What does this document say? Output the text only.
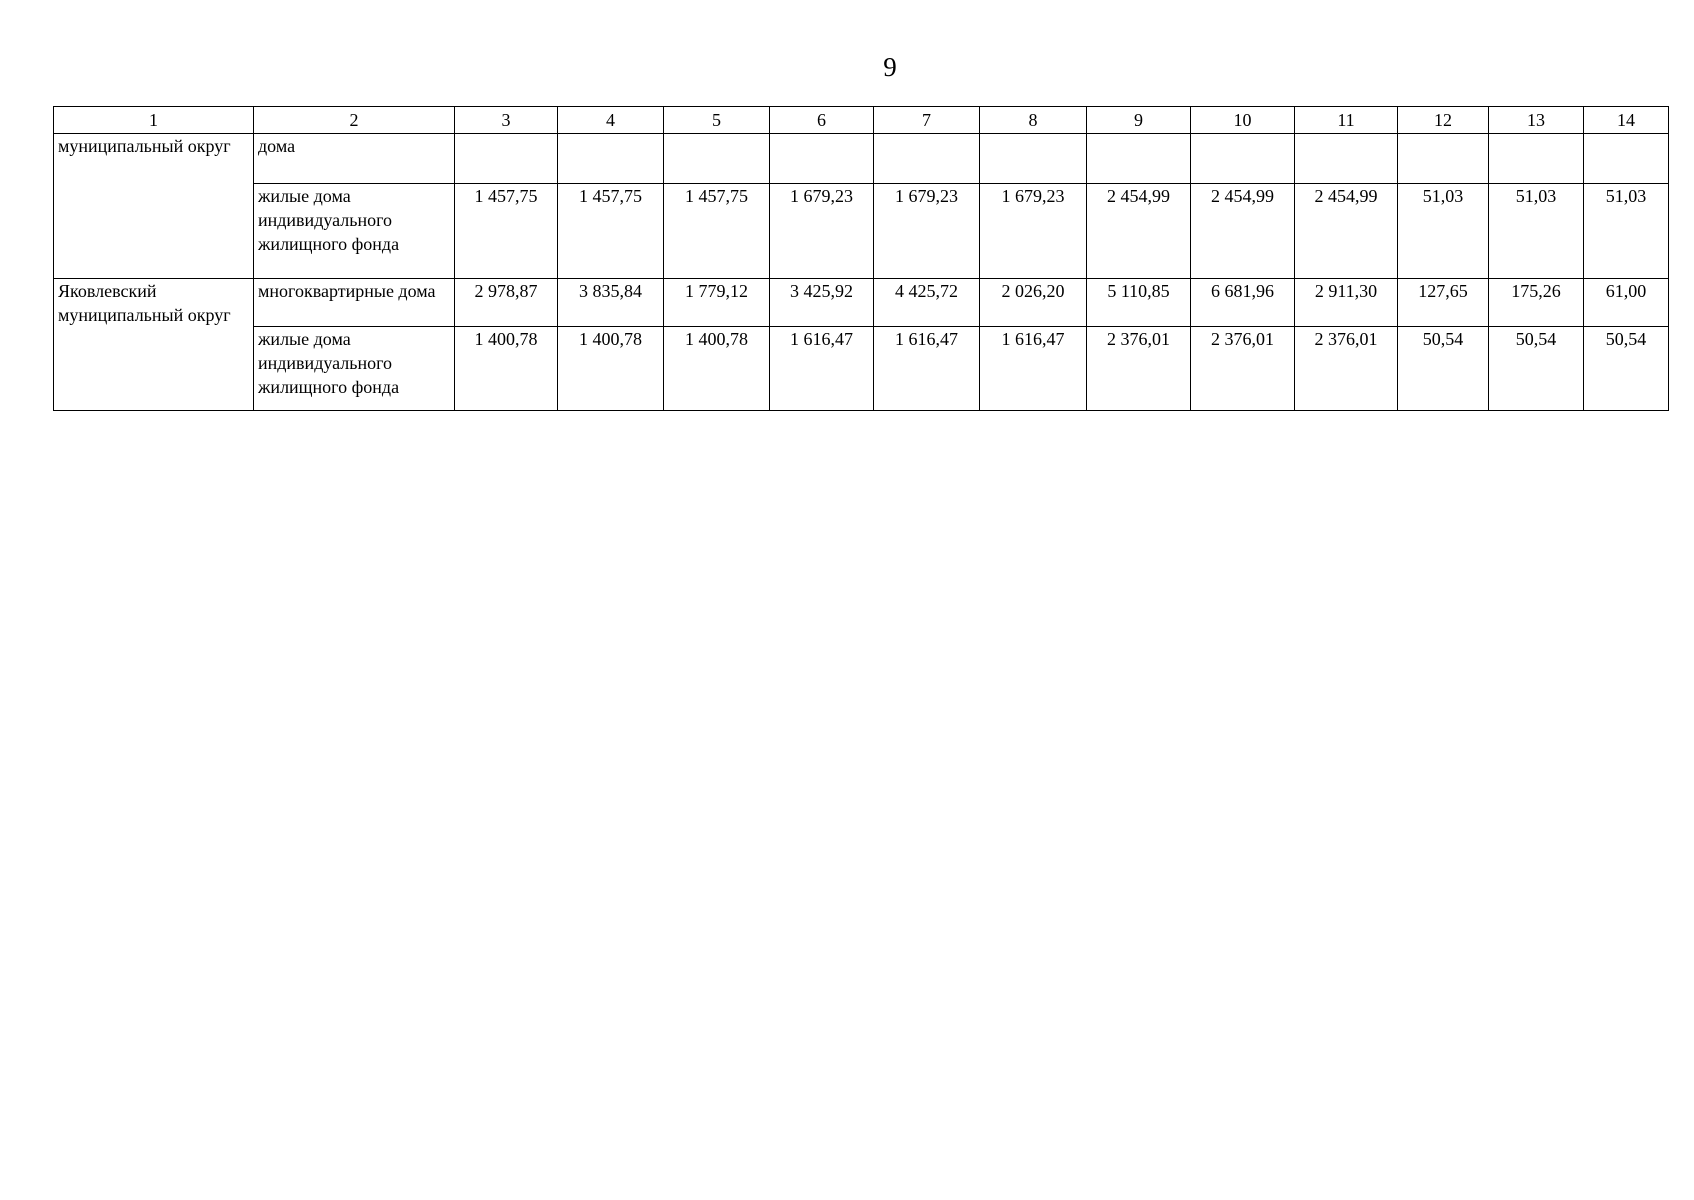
9
1	2	3	4	5	6	7	8	9	10	11	12	13	14
муниципальный округ	дома												
	жилые дома индивидуального жилищного фонда	1 457,75	1 457,75	1 457,75	1 679,23	1 679,23	1 679,23	2 454,99	2 454,99	2 454,99	51,03	51,03	51,03
Яковлевский муниципальный округ	многоквартирные дома	2 978,87	3 835,84	1 779,12	3 425,92	4 425,72	2 026,20	5 110,85	6 681,96	2 911,30	127,65	175,26	61,00
	жилые дома индивидуального жилищного фонда	1 400,78	1 400,78	1 400,78	1 616,47	1 616,47	1 616,47	2 376,01	2 376,01	2 376,01	50,54	50,54	50,54
